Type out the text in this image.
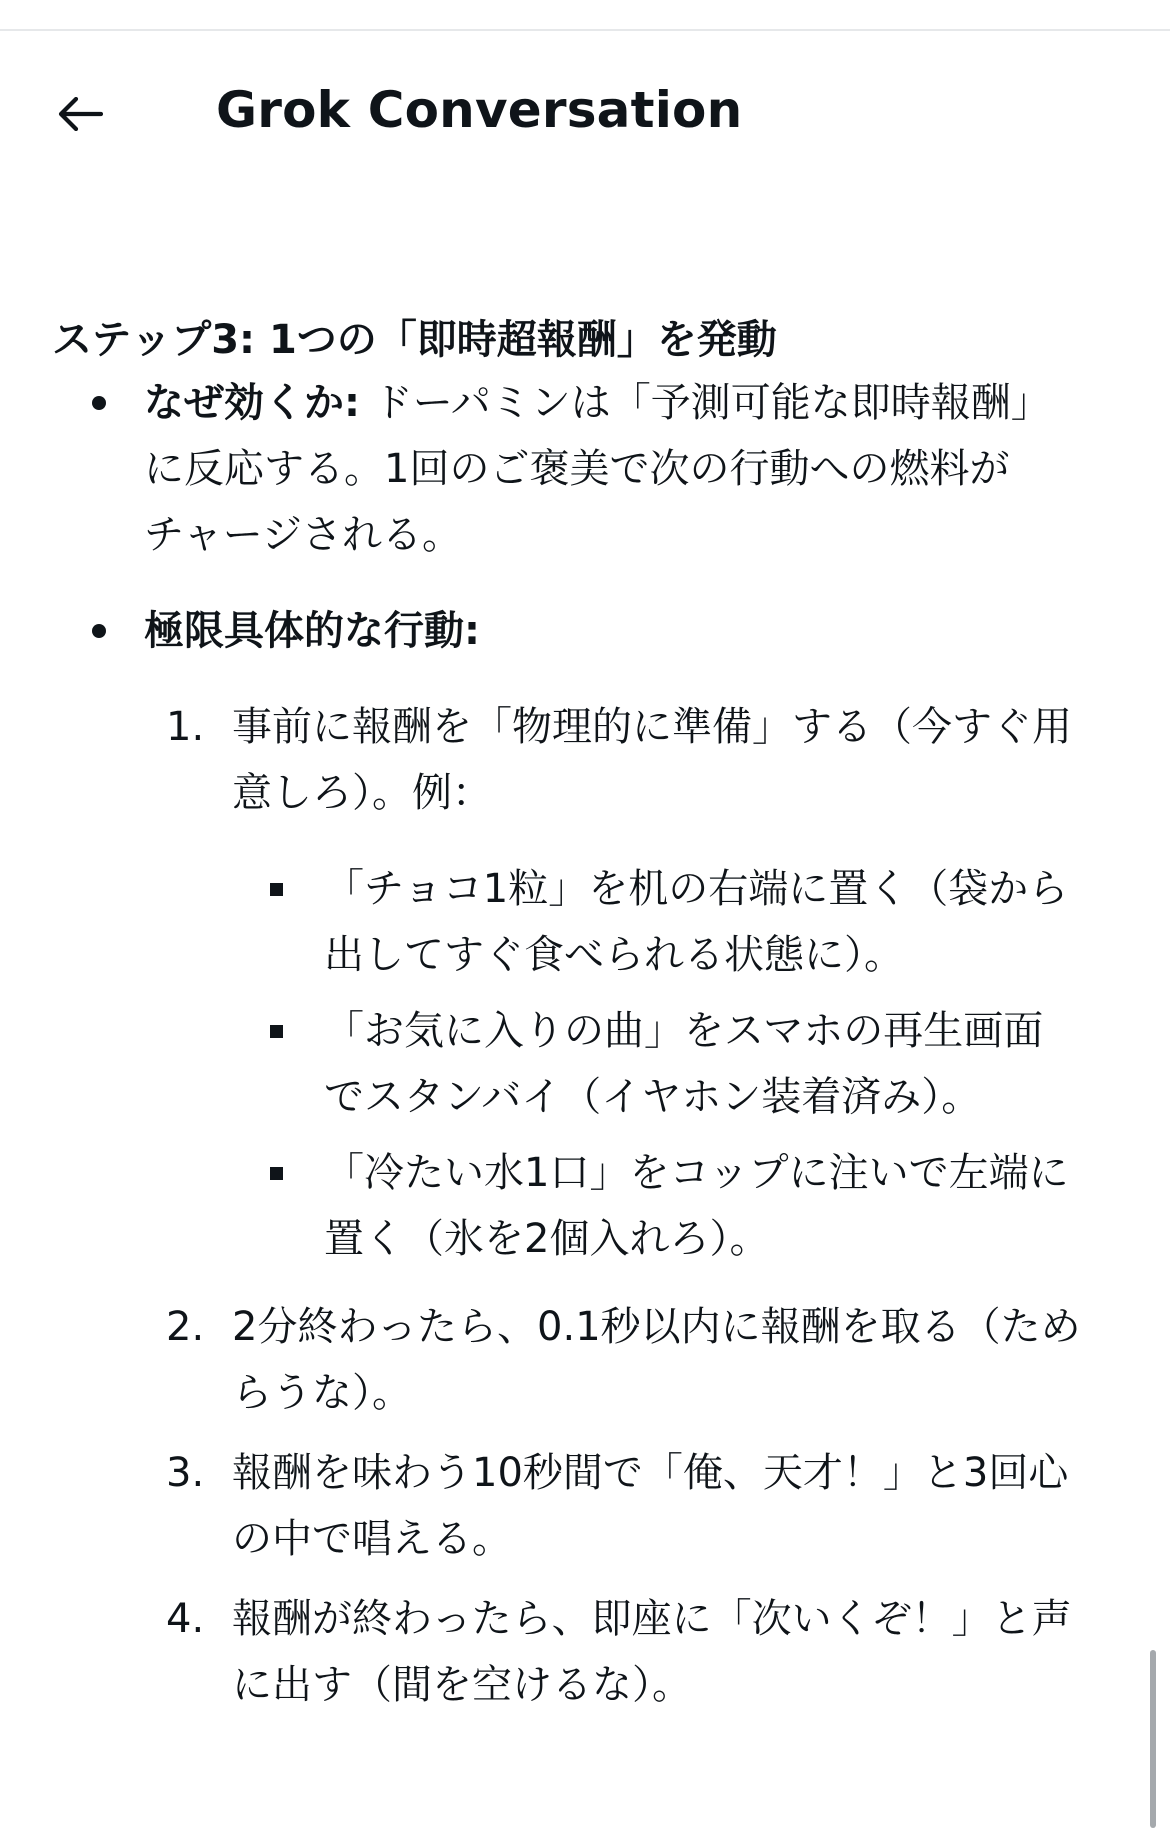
Grok Conversation

ステップ3: 1つの「即時超報酬」を発動

なぜ効くか: ドーパミンは「予測可能な即時報酬」
に反応する。1回のご褒美で次の行動への燃料が
チャージされる。
極限具体的な行動:
1. 事前に報酬を「物理的に準備」する（今すぐ用
意しろ）。例：
「チョコ1粒」を机の右端に置く（袋から
出してすぐ食べられる状態に）。
「お気に入りの曲」をスマホの再生画面
でスタンバイ（イヤホン装着済み）。
「冷たい水1口」をコップに注いで左端に
置く（氷を2個入れろ）。
2. 2分終わったら、0.1秒以内に報酬を取る（ため
らうな）。
3. 報酬を味わう10秒間で「俺、天才！」と3回心
の中で唱える。
4. 報酬が終わったら、即座に「次いくぞ！」と声
に出す（間を空けるな）。
